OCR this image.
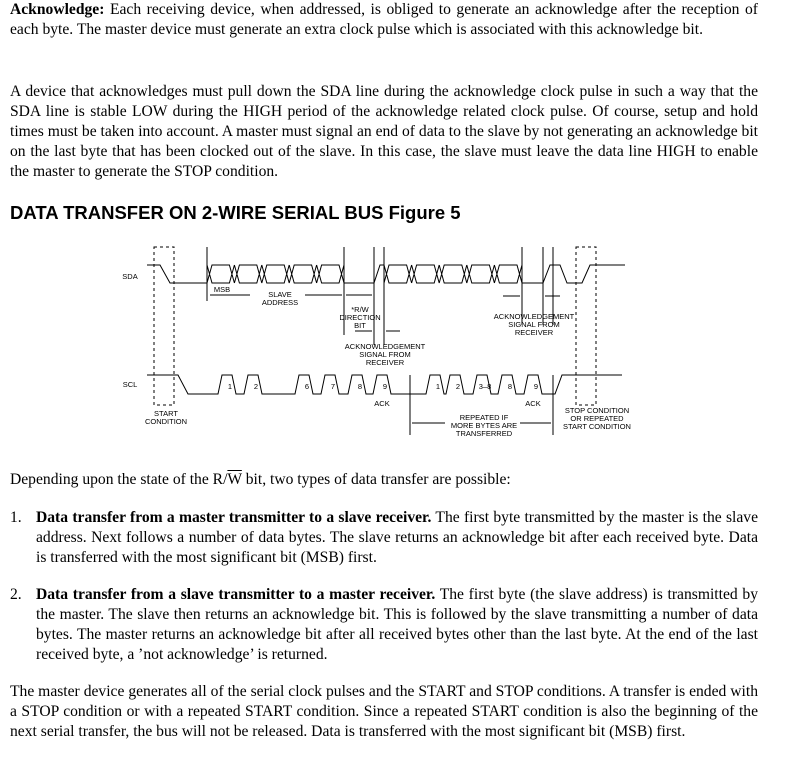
Acknowledge: Each receiving device, when addressed, is obliged to generate an acknowledge after the reception of each byte. The master device must generate an extra clock pulse which is associated with this acknowledge bit.

A device that acknowledges must pull down the SDA line during the acknowledge clock pulse in such a way that the SDA line is stable LOW during the HIGH period of the acknowledge related clock pulse. Of course, setup and hold times must be taken into account. A master must signal an end of data to the slave by not generating an acknowledge bit on the last byte that has been clocked out of the slave. In this case, the slave must leave the data line HIGH to enable the master to generate the STOP condition.

DATA TRANSFER ON 2-WIRE SERIAL BUS Figure 5
SDA
SCL
MSB
SLAVE
ADDRESS
*R/W
DIRECTION
BIT
ACKNOWLEDGEMENT
SIGNAL FROM
RECEIVER
ACKNOWLEDGEMENT
SIGNAL FROM
RECEIVER
ACK	ACK
START
CONDITION	REPEATED IF
MORE BYTES ARE
TRANSFERRED
STOP CONDITION
OR REPEATED
START CONDITION
1	2	6	7	8	9	1 2 3–8 8	9

Depending upon the state of the $R/\overline{W}$ bit, two types of data transfer are possible:

1. Data transfer from a master transmitter to a slave receiver. The first byte transmitted by the master is the slave address. Next follows a number of data bytes. The slave returns an acknowledge bit after each received byte. Data is transferred with the most significant bit (MSB) first.
2. Data transfer from a slave transmitter to a master receiver. The first byte (the slave address) is transmitted by the master. The slave then returns an acknowledge bit. This is followed by the slave transmitting a number of data bytes. The master returns an acknowledge bit after all received bytes other than the last byte. At the end of the last received byte, a ’not acknowledge’ is returned.

The master device generates all of the serial clock pulses and the START and STOP conditions. A transfer is ended with a STOP condition or with a repeated START condition. Since a repeated START condition is also the beginning of the next serial transfer, the bus will not be released. Data is transferred with the most significant bit (MSB) first.
